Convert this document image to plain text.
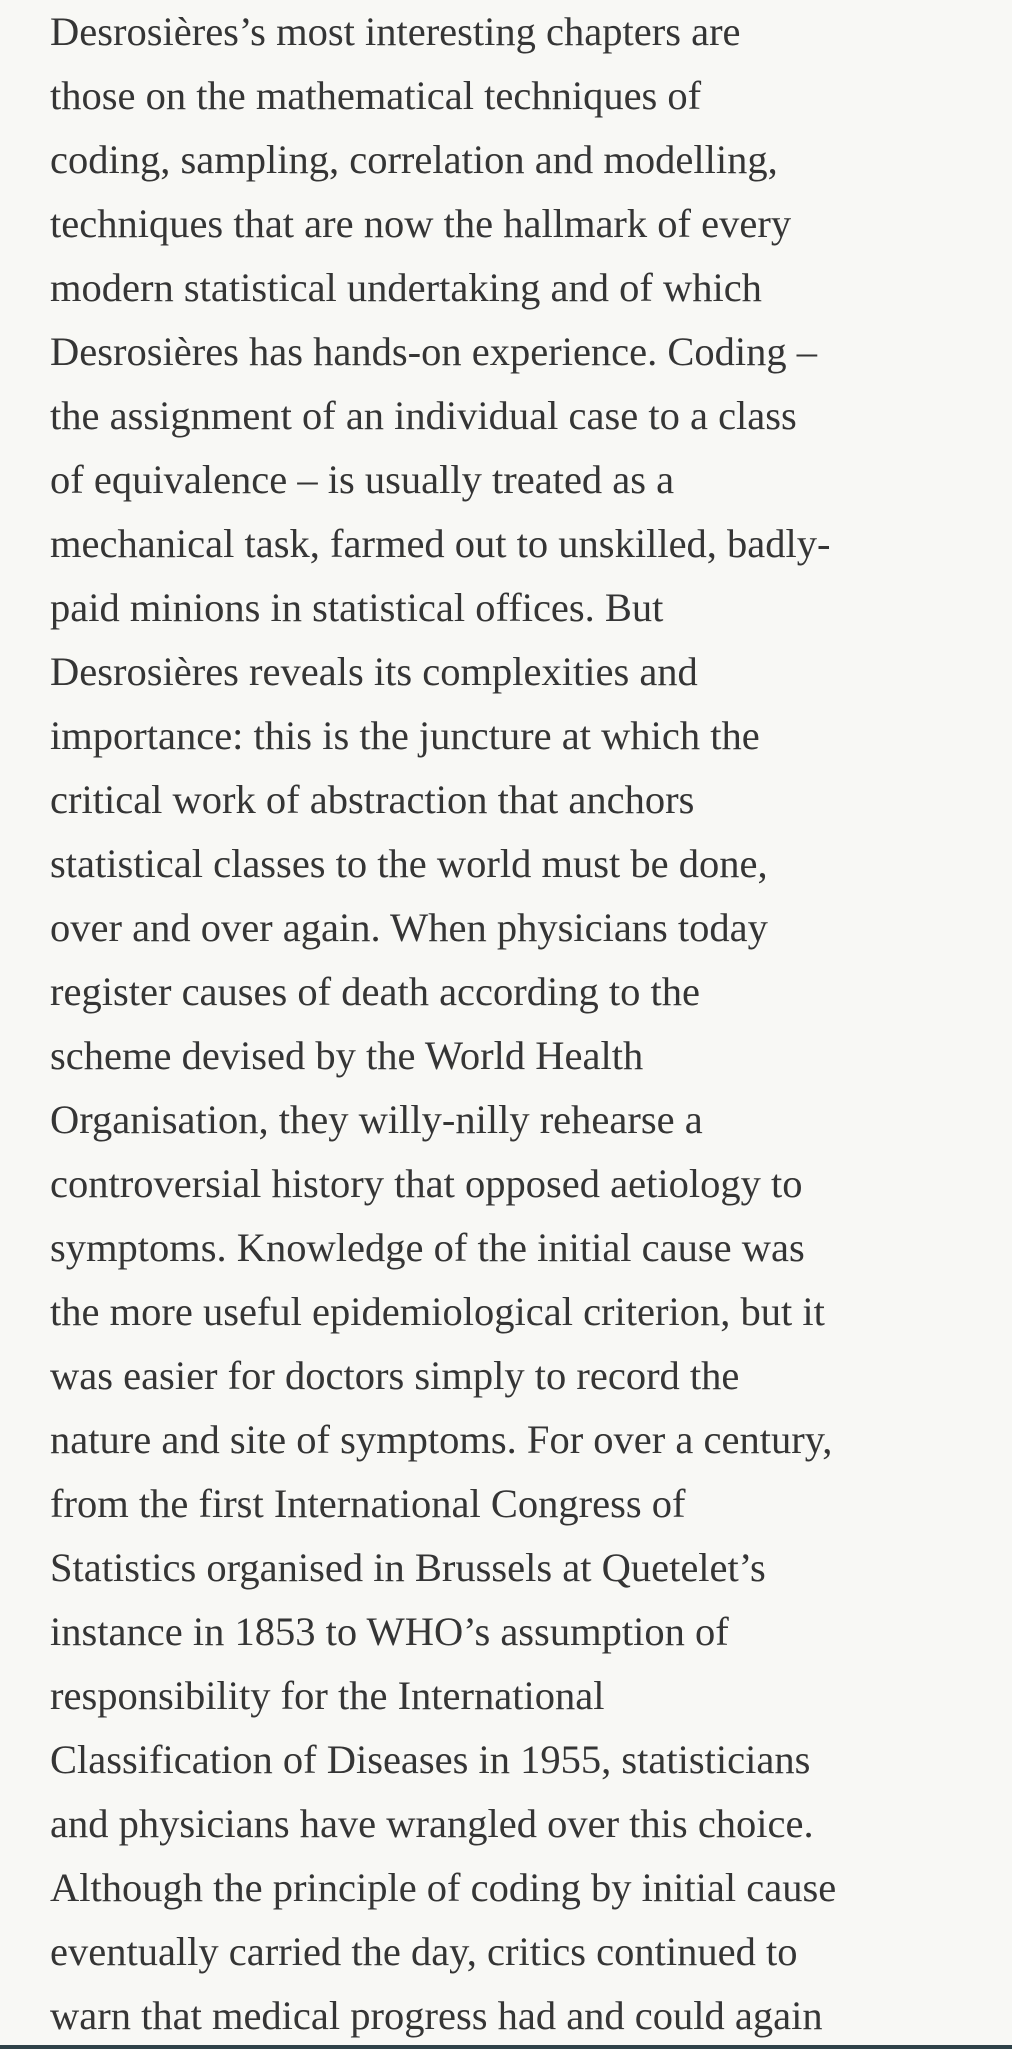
Desrosières’s most interesting chapters are
those on the mathematical techniques of
coding, sampling, correlation and modelling,
techniques that are now the hallmark of every
modern statistical undertaking and of which
Desrosières has hands-on experience. Coding –
the assignment of an individual case to a class
of equivalence – is usually treated as a
mechanical task, farmed out to unskilled, badly-
paid minions in statistical offices. But
Desrosières reveals its complexities and
importance: this is the juncture at which the
critical work of abstraction that anchors
statistical classes to the world must be done,
over and over again. When physicians today
register causes of death according to the
scheme devised by the World Health
Organisation, they willy-nilly rehearse a
controversial history that opposed aetiology to
symptoms. Knowledge of the initial cause was
the more useful epidemiological criterion, but it
was easier for doctors simply to record the
nature and site of symptoms. For over a century,
from the first International Congress of
Statistics organised in Brussels at Quetelet’s
instance in 1853 to WHO’s assumption of
responsibility for the International
Classification of Diseases in 1955, statisticians
and physicians have wrangled over this choice.
Although the principle of coding by initial cause
eventually carried the day, critics continued to
warn that medical progress had and could again
